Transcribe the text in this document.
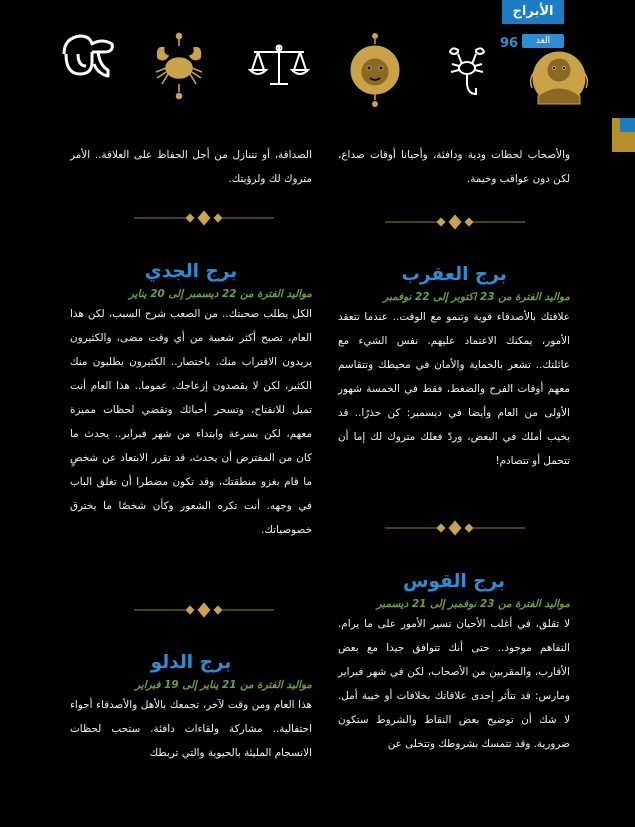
الأبراج
96	الغد

والأصحاب لحظات ودية ودافئة، وأحيانا أوقات صداع، لكن دون عواقب وخيمة.

برج العقرب

مواليد الفترة من 23 اكتوبر إلى 22 نوفمبر

علاقتك بالأصدقاء قوية وتنمو مع الوقت.. عندما تتعقد الأمور، يمكنك الاعتماد عليهم. نفس الشيء مع عائلتك.. تشعر بالحماية والأمان في محيطك وتتقاسم معهم أوقات الفرح والضغط، فقط في الخمسة شهور الأولى من العام وأيضا في ديسمبر: كن حذرًا.. قد يخيب أملك في البعض، وردّ فعلك متروك لك إما أن تتحمل أو تتصادم!

برج القوس

مواليد الفترة من 23 نوفمبر إلى 21 ديسمبر

لا تقلق، في أغلب الأحيان تسير الأمور على ما يرام. التفاهم موجود.. حتى أنك تتوافق جيدا مع بعض الأقارب، والمقربين من الأصحاب، لكن في شهر فبراير ومارس: قد تتأثر إحدى علاقاتك بخلافات أو خيبة أمل. لا شك أن توضيح بعض النقاط والشروط ستكون ضرورية. وقد تتمسك بشروطك وتتخلى عن

الصداقة، أو تتنازل من أجل الحفاظ على العلاقة.. الأمر متروك لك ولرؤيتك.

برج الجدي

مواليد الفترة من 22 ديسمبر إلى 20 يناير

الكل يطلب صحبتك.. من الصعب شرح السبب، لكن هذا العام، تصبح أكثر شعبية من أي وقت مضى، والكثيرون يريدون الاقتراب منك. باختصار.. الكثيرون يطلبون منك الكثير، لكن لا يقصدون إزعاجك. عموما.. هذا العام أنت تميل للانفتاح، وتسحر أحبائك وتقضي لحظات مميزة معهم، لكن بسرعة وابتداء من شهر فبراير.. يحدث ما كان من المفترض أن يحدث، قد تقرر الابتعاد عن شخصٍ ما قام بغزو منطقتك، وقد تكون مضطرا أن تغلق الباب في وجهه. أنت تكره الشعور وكأن شخصًا ما يخترق خصوصياتك.

برج الدلو

مواليد الفترة من 21 يناير إلى 19 فبراير

هذا العام ومن وقت لآخر، تجمعك بالأهل والأصدقاء أجواء احتفالية.. مشاركة ولقاءات دافئة. ستحب لحظات الانسجام المليئة بالحيوية والتي تربطك
